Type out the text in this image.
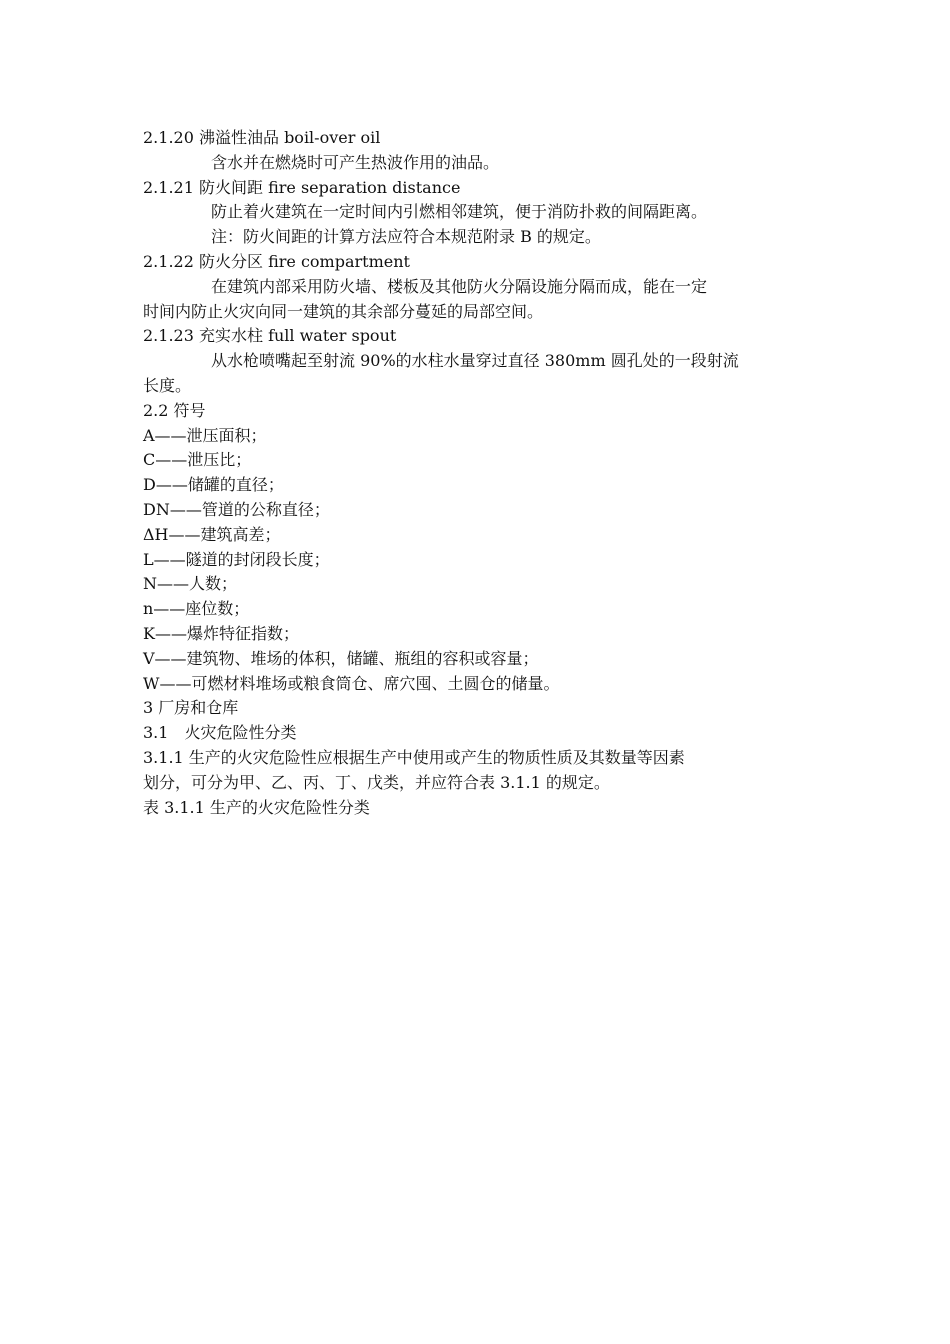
2.1.20 沸溢性油品 boil-over oil
含水并在燃烧时可产生热波作用的油品。
2.1.21 防火间距 fire separation distance
防止着火建筑在一定时间内引燃相邻建筑，便于消防扑救的间隔距离。
注：防火间距的计算方法应符合本规范附录 B 的规定。
2.1.22 防火分区 fire compartment
在建筑内部采用防火墙、楼板及其他防火分隔设施分隔而成，能在一定
时间内防止火灾向同一建筑的其余部分蔓延的局部空间。
2.1.23 充实水柱 full water spout
从水枪喷嘴起至射流 90%的水柱水量穿过直径 380mm 圆孔处的一段射流
长度。
2.2 符号
A——泄压面积；
C——泄压比；
D——储罐的直径；
DN——管道的公称直径；
ΔH——建筑高差；
L——隧道的封闭段长度；
N——人数；
n——座位数；
K——爆炸特征指数；
V——建筑物、堆场的体积，储罐、瓶组的容积或容量；
W——可燃材料堆场或粮食筒仓、席穴囤、土圆仓的储量。
3 厂房和仓库
3.1　火灾危险性分类
3.1.1 生产的火灾危险性应根据生产中使用或产生的物质性质及其数量等因素
划分，可分为甲、乙、丙、丁、戊类，并应符合表 3.1.1 的规定。
表 3.1.1 生产的火灾危险性分类
